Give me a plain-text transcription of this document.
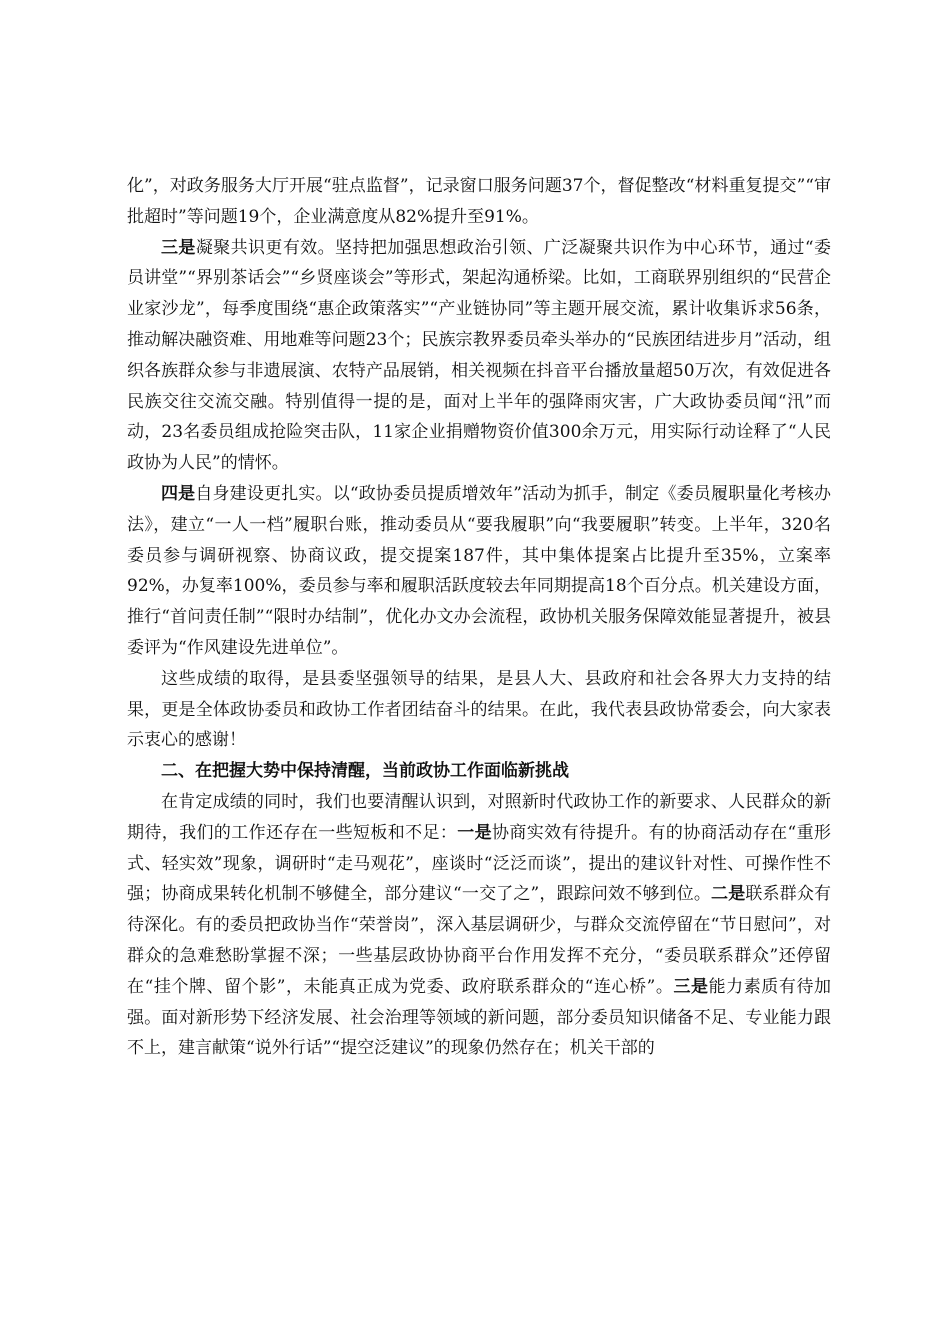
化”，对政务服务大厅开展“驻点监督”，记录窗口服务问题37个，督促整改“材料重复提交”“审批超时”等问题19个，企业满意度从82%提升至91%。

三是凝聚共识更有效。坚持把加强思想政治引领、广泛凝聚共识作为中心环节，通过“委员讲堂”“界别茶话会”“乡贤座谈会”等形式，架起沟通桥梁。比如，工商联界别组织的“民营企业家沙龙”，每季度围绕“惠企政策落实”“产业链协同”等主题开展交流，累计收集诉求56条，推动解决融资难、用地难等问题23个；民族宗教界委员牵头举办的“民族团结进步月”活动，组织各族群众参与非遗展演、农特产品展销，相关视频在抖音平台播放量超50万次，有效促进各民族交往交流交融。特别值得一提的是，面对上半年的强降雨灾害，广大政协委员闻“汛”而动，23名委员组成抢险突击队，11家企业捐赠物资价值300余万元，用实际行动诠释了“人民政协为人民”的情怀。

四是自身建设更扎实。以“政协委员提质增效年”活动为抓手，制定《委员履职量化考核办法》，建立“一人一档”履职台账，推动委员从“要我履职”向“我要履职”转变。上半年，320名委员参与调研视察、协商议政，提交提案187件，其中集体提案占比提升至35%，立案率92%，办复率100%，委员参与率和履职活跃度较去年同期提高18个百分点。机关建设方面，推行“首问责任制”“限时办结制”，优化办文办会流程，政协机关服务保障效能显著提升，被县委评为“作风建设先进单位”。

这些成绩的取得，是县委坚强领导的结果，是县人大、县政府和社会各界大力支持的结果，更是全体政协委员和政协工作者团结奋斗的结果。在此，我代表县政协常委会，向大家表示衷心的感谢！

二、在把握大势中保持清醒，当前政协工作面临新挑战

在肯定成绩的同时，我们也要清醒认识到，对照新时代政协工作的新要求、人民群众的新期待，我们的工作还存在一些短板和不足：一是协商实效有待提升。有的协商活动存在“重形式、轻实效”现象，调研时“走马观花”，座谈时“泛泛而谈”，提出的建议针对性、可操作性不强；协商成果转化机制不够健全，部分建议“一交了之”，跟踪问效不够到位。二是联系群众有待深化。有的委员把政协当作“荣誉岗”，深入基层调研少，与群众交流停留在“节日慰问”，对群众的急难愁盼掌握不深；一些基层政协协商平台作用发挥不充分，“委员联系群众”还停留在“挂个牌、留个影”，未能真正成为党委、政府联系群众的“连心桥”。三是能力素质有待加强。面对新形势下经济发展、社会治理等领域的新问题，部分委员知识储备不足、专业能力跟不上，建言献策“说外行话”“提空泛建议”的现象仍然存在；机关干部的
